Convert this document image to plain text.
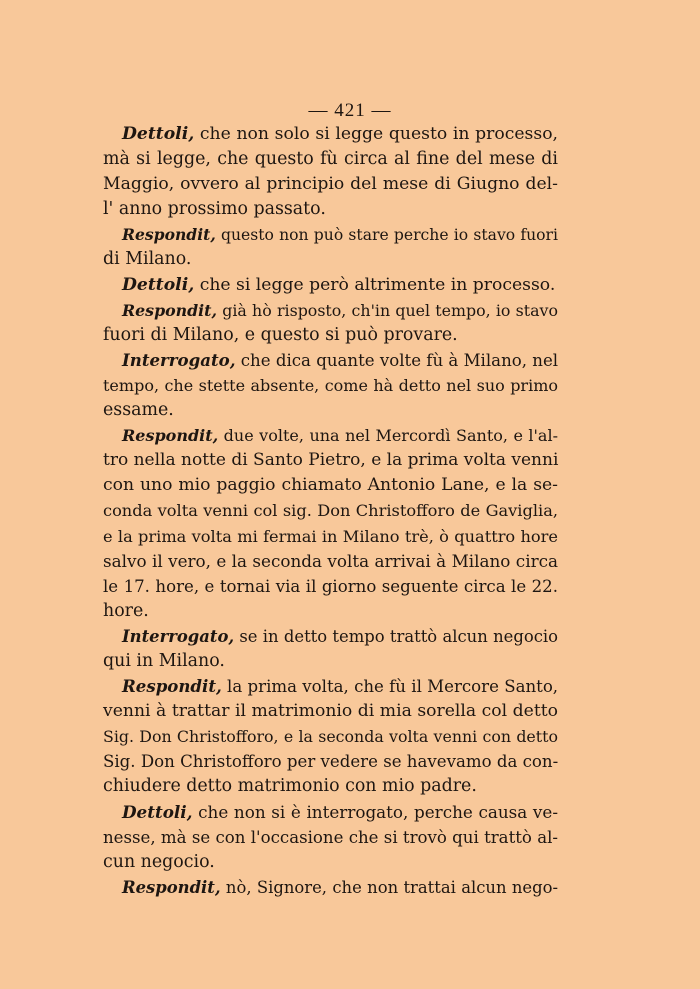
— 421 —
Dettoli, che non solo si legge questo in processo,
mà si legge, che questo fù circa al fine del mese di
Maggio, ovvero al principio del mese di Giugno del-
l' anno prossimo passato.
Respondit, questo non può stare perche io stavo fuori
di Milano.
Dettoli, che si legge però altrimente in processo.
Respondit, già hò risposto, ch'in quel tempo, io stavo
fuori di Milano, e questo si può provare.
Interrogato, che dica quante volte fù à Milano, nel
tempo, che stette absente, come hà detto nel suo primo
essame.
Respondit, due volte, una nel Mercordì Santo, e l'al-
tro nella notte di Santo Pietro, e la prima volta venni
con uno mio paggio chiamato Antonio Lane, e la se-
conda volta venni col sig. Don Christofforo de Gaviglia,
e la prima volta mi fermai in Milano trè, ò quattro hore
salvo il vero, e la seconda volta arrivai à Milano circa
le 17. hore, e tornai via il giorno seguente circa le 22.
hore.
Interrogato, se in detto tempo trattò alcun negocio
qui in Milano.
Respondit, la prima volta, che fù il Mercore Santo,
venni à trattar il matrimonio di mia sorella col detto
Sig. Don Christofforo, e la seconda volta venni con detto
Sig. Don Christofforo per vedere se havevamo da con-
chiudere detto matrimonio con mio padre.
Dettoli, che non si è interrogato, perche causa ve-
nesse, mà se con l'occasione che si trovò qui trattò al-
cun negocio.
Respondit, nò, Signore, che non trattai alcun nego-
